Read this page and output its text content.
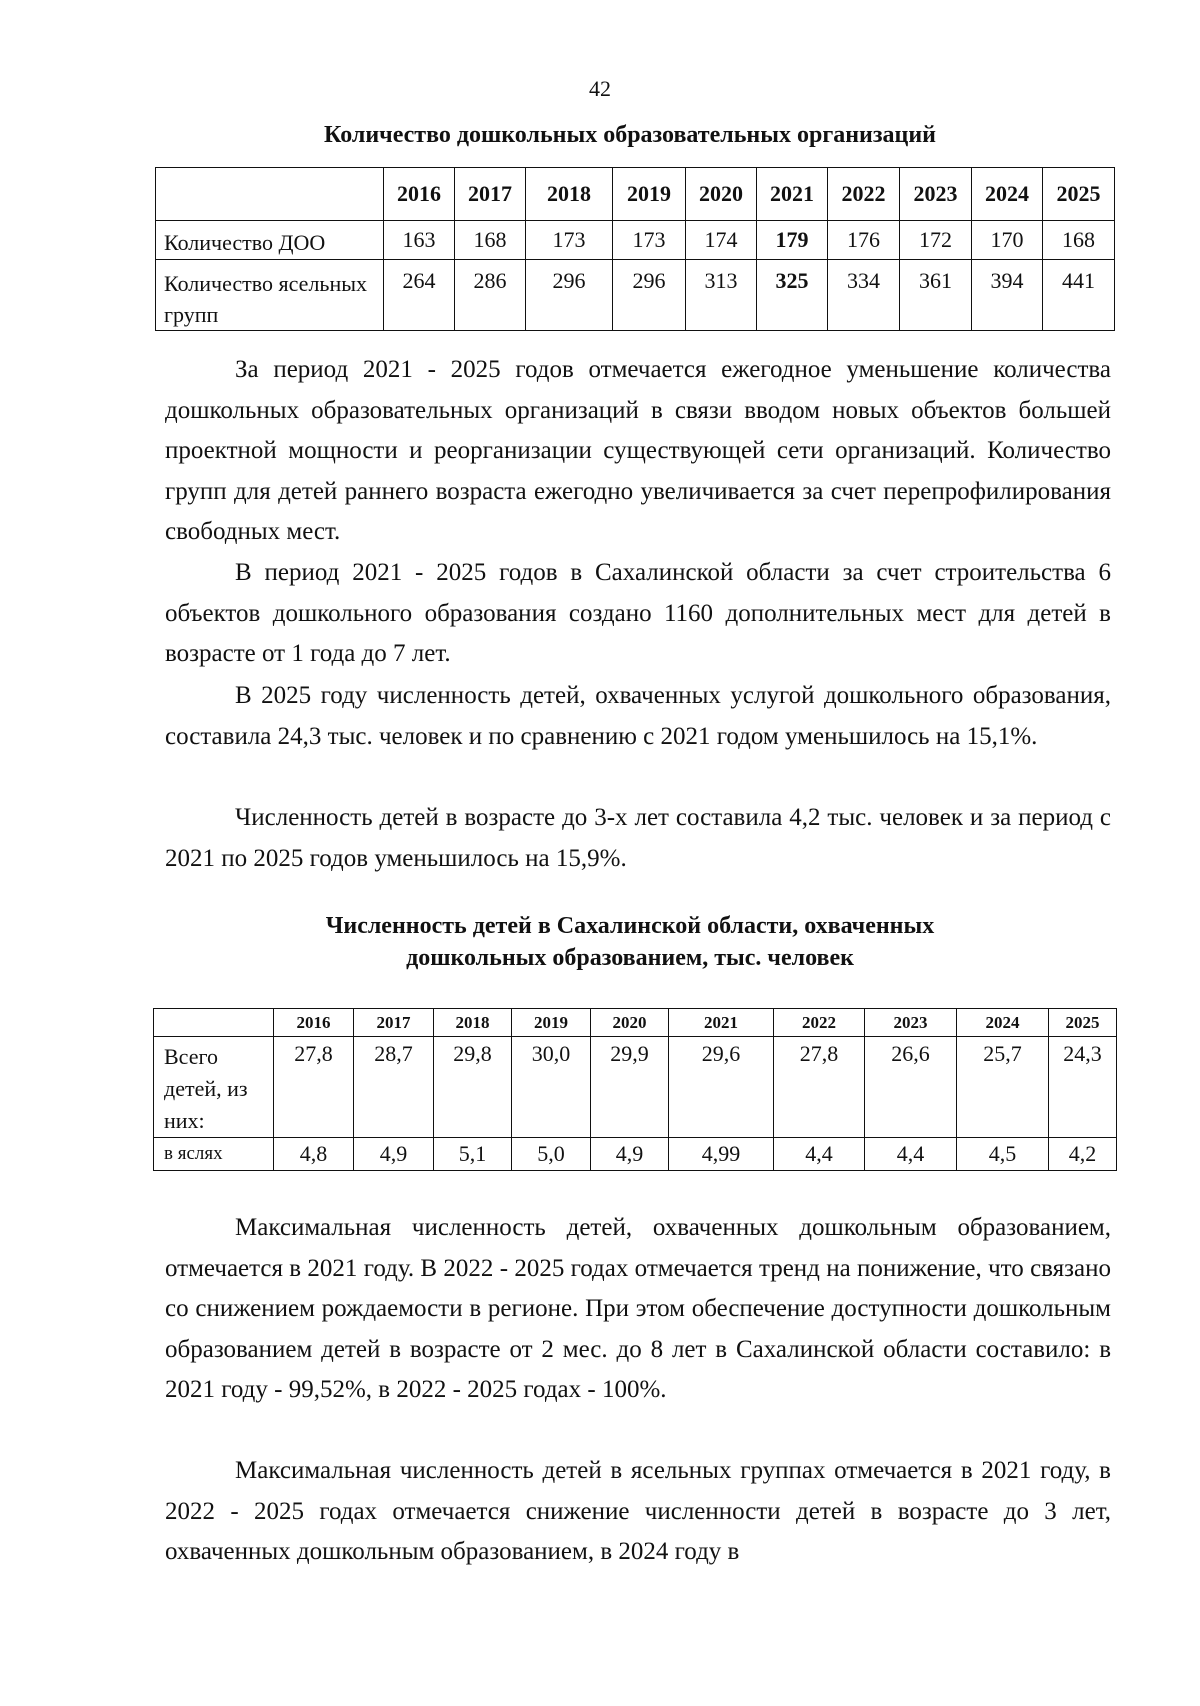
42
Количество дошкольных образовательных организаций
	2016	2017	2018	2019	2020	2021	2022	2023	2024	2025
Количество ДОО	163	168	173	173	174	179	176	172	170	168
Количество ясельных групп	264	286	296	296	313	325	334	361	394	441

За период 2021 - 2025 годов отмечается ежегодное уменьшение количества дошкольных образовательных организаций в связи вводом новых объектов большей проектной мощности и реорганизации существующей сети организаций. Количество групп для детей раннего возраста ежегодно увеличивается за счет перепрофилирования свободных мест.

В период 2021 - 2025 годов в Сахалинской области за счет строительства 6 объектов дошкольного образования создано 1160 дополнительных мест для детей в возрасте от 1 года до 7 лет.

В 2025 году численность детей, охваченных услугой дошкольного образования, составила 24,3 тыс. человек и по сравнению с 2021 годом уменьшилось на 15,1%.

Численность детей в возрасте до 3-х лет составила 4,2 тыс. человек и за период с 2021 по 2025 годов уменьшилось на 15,9%.

Численность детей в Сахалинской области, охваченных
дошкольных образованием, тыс. человек
	2016	2017	2018	2019	2020	2021	2022	2023	2024	2025

Всего
детей, из
них:	27,8	28,7	29,8	30,0	29,9	29,6	27,8	26,6	25,7	24,3
в яслях	4,8	4,9	5,1	5,0	4,9	4,99	4,4	4,4	4,5	4,2

Максимальная численность детей, охваченных дошкольным образованием, отмечается в 2021 году. В 2022 - 2025 годах отмечается тренд на понижение, что связано со снижением рождаемости в регионе. При этом обеспечение доступности дошкольным образованием детей в возрасте от 2 мес. до 8 лет в Сахалинской области составило: в 2021 году - 99,52%, в 2022 - 2025 годах - 100%.

Максимальная численность детей в ясельных группах отмечается в 2021 году, в 2022 - 2025 годах отмечается снижение численности детей в возрасте до 3 лет, охваченных дошкольным образованием, в 2024 году в
